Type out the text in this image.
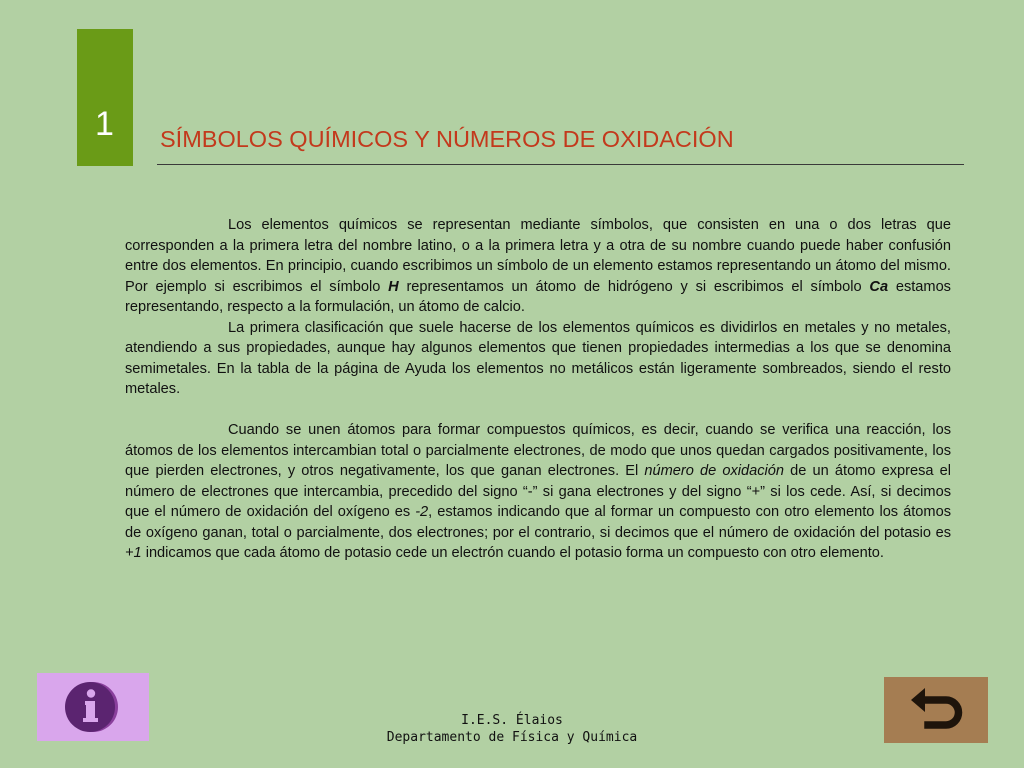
1 SÍMBOLOS QUÍMICOS Y NÚMEROS DE OXIDACIÓN

Los elementos químicos se representan mediante símbolos, que consisten en una o dos letras que corresponden a la primera letra del nombre latino, o a la primera letra y a otra de su nombre cuando puede haber confusión entre dos elementos. En principio, cuando escribimos un símbolo de un elemento estamos representando un átomo del mismo. Por ejemplo si escribimos el símbolo H representamos un átomo de hidrógeno y si escribimos el símbolo Ca estamos representando, respecto a la formulación, un átomo de calcio.

La primera clasificación que suele hacerse de los elementos químicos es dividirlos en metales y no metales, atendiendo a sus propiedades, aunque hay algunos elementos que tienen propiedades intermedias a los que se denomina semimetales. En la tabla de la página de Ayuda los elementos no metálicos están ligeramente sombreados, siendo el resto metales.

Cuando se unen átomos para formar compuestos químicos, es decir, cuando se verifica una reacción, los átomos de los elementos intercambian total o parcialmente electrones, de modo que unos quedan cargados positivamente, los que pierden electrones, y otros negativamente, los que ganan electrones. El número de oxidación de un átomo expresa el número de electrones que intercambia, precedido del signo “-” si gana electrones y del signo “+” si los cede. Así, si decimos que el número de oxidación del oxígeno es -2, estamos indicando que al formar un compuesto con otro elemento los átomos de oxígeno ganan, total o parcialmente, dos electrones; por el contrario, si decimos que el número de oxidación del potasio es +1 indicamos que cada átomo de potasio cede un electrón cuando el potasio forma un compuesto con otro elemento.

I.E.S. Élaios
Departamento de Física y Química
